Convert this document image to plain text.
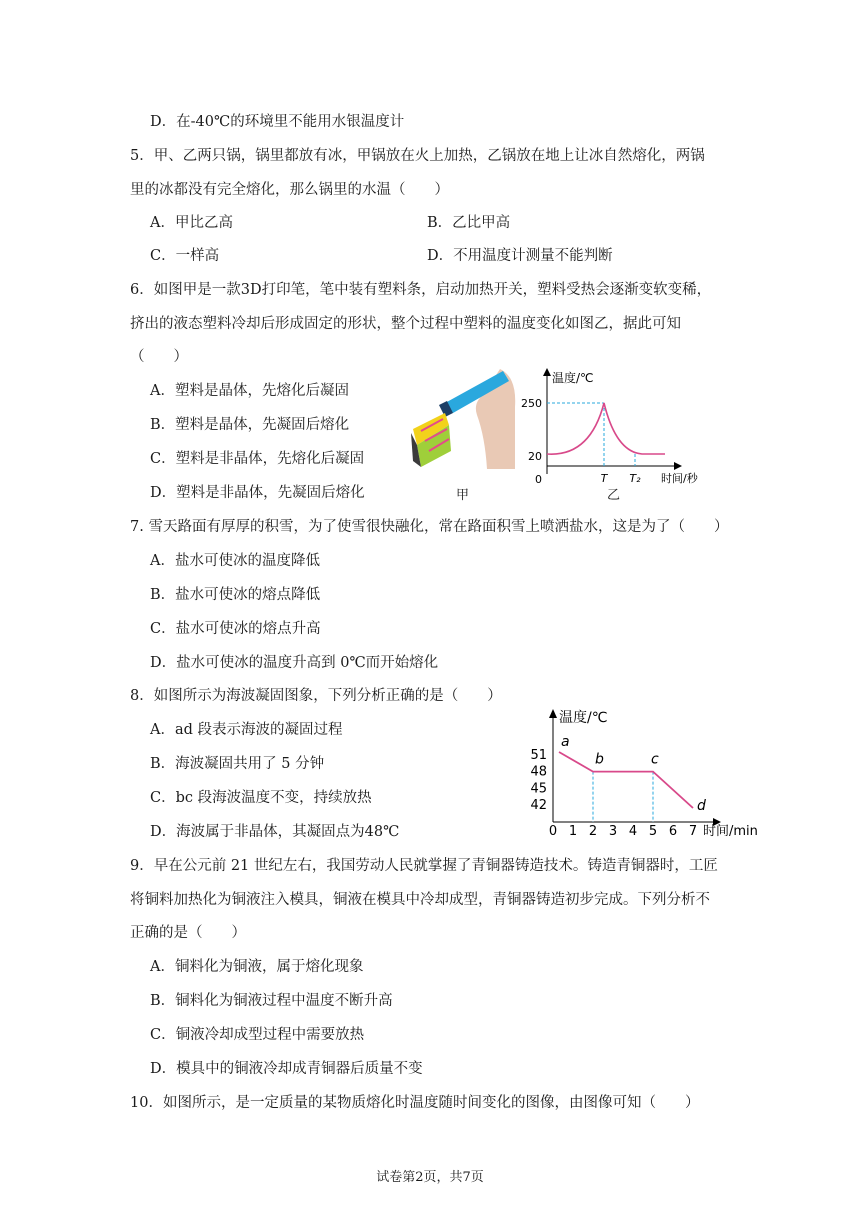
D．在-40℃的环境里不能用水银温度计
5．甲、乙两只锅，锅里都放有冰，甲锅放在火上加热，乙锅放在地上让冰自然熔化，两锅
里的冰都没有完全熔化，那么锅里的水温（　　）
A．甲比乙高	B．乙比甲高
C．一样高	D．不用温度计测量不能判断
6．如图甲是一款3D打印笔，笔中装有塑料条，启动加热开关，塑料受热会逐渐变软变稀，
挤出的液态塑料冷却后形成固定的形状，整个过程中塑料的温度变化如图乙，据此可知
（　　）
A．塑料是晶体，先熔化后凝固
B．塑料是晶体，先凝固后熔化
C．塑料是非晶体，先熔化后凝固
D．塑料是非晶体，先凝固后熔化	甲
温度/℃
时间/秒
0	T T₂
250
20
乙
7. 雪天路面有厚厚的积雪，为了使雪很快融化，常在路面积雪上喷洒盐水，这是为了（　　）
A．盐水可使冰的温度降低
B．盐水可使冰的熔点降低
C．盐水可使冰的熔点升高
D．盐水可使冰的温度升高到 0℃而开始熔化
8．如图所示为海波凝固图象，下列分析正确的是（　　）
A．ad 段表示海波的凝固过程
B．海波凝固共用了 5 分钟
C．bc 段海波温度不变，持续放热
D．海波属于非晶体，其凝固点为48℃
温度/℃
时间/min
0 1 2 3 4 5 6 7
42
45
48
51
a
b	c
d
9．早在公元前 21 世纪左右，我国劳动人民就掌握了青铜器铸造技术。铸造青铜器时，工匠
将铜料加热化为铜液注入模具，铜液在模具中冷却成型，青铜器铸造初步完成。下列分析不
正确的是（　　）
A．铜料化为铜液，属于熔化现象
B．铜料化为铜液过程中温度不断升高
C．铜液冷却成型过程中需要放热
D．模具中的铜液冷却成青铜器后质量不变
10．如图所示，是一定质量的某物质熔化时温度随时间变化的图像，由图像可知（　　）
试卷第2页，共7页
